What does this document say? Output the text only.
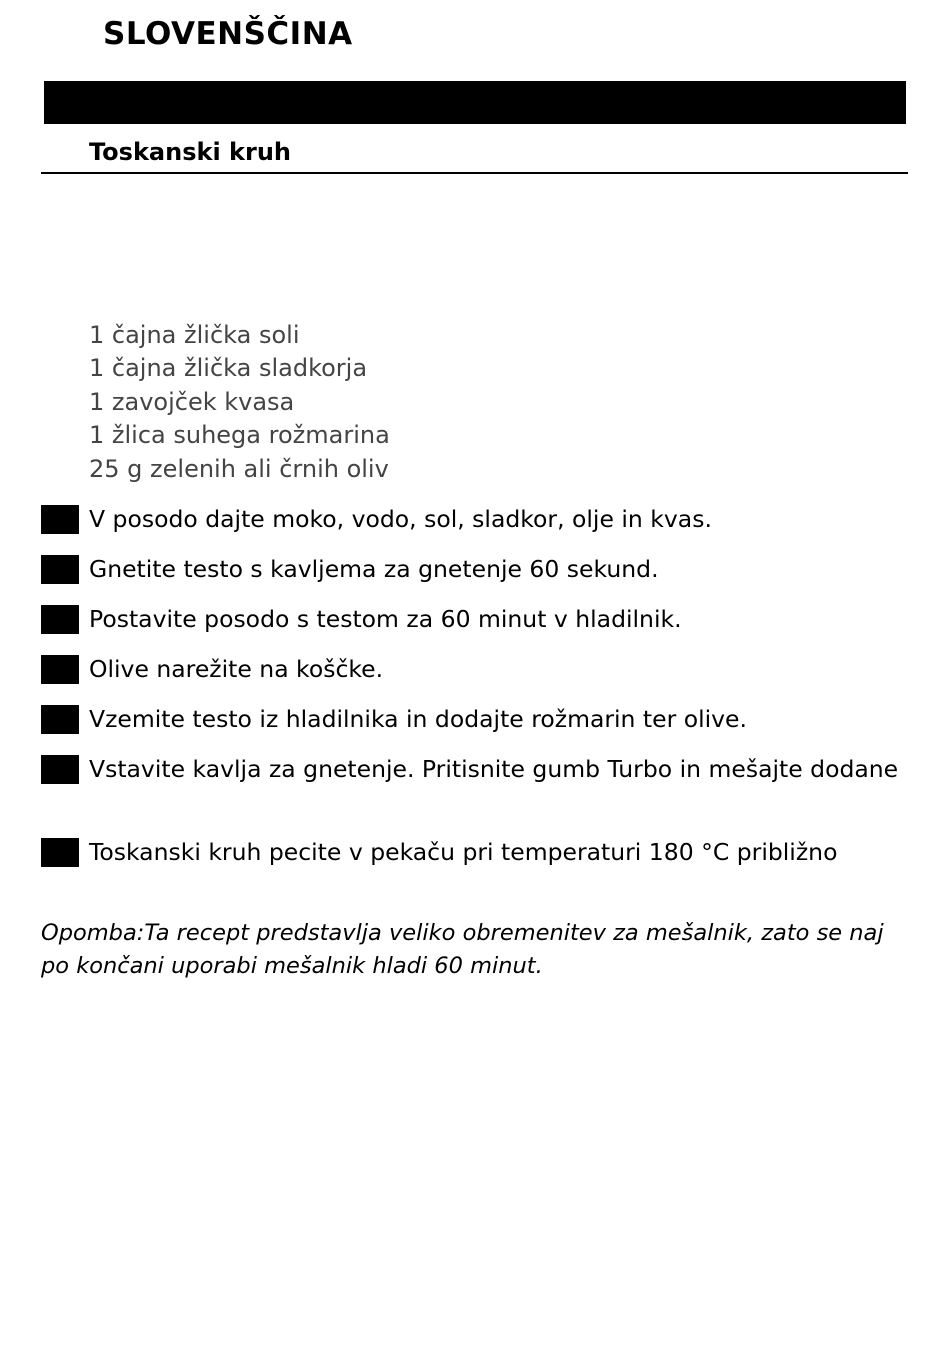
SLOVENŠČINA
Toskanski kruh
1 čajna žlička soli
1 čajna žlička sladkorja
1 zavojček kvasa
1 žlica suhega rožmarina
25 g zelenih ali črnih oliv
V posodo dajte moko, vodo, sol, sladkor, olje in kvas.
Gnetite testo s kavljema za gnetenje 60 sekund.
Postavite posodo s testom za 60 minut v hladilnik.
Olive narežite na koščke.
Vzemite testo iz hladilnika in dodajte rožmarin ter olive.
Vstavite kavlja za gnetenje. Pritisnite gumb Turbo in mešajte dodane
Toskanski kruh pecite v pekaču pri temperaturi 180 °C približno

Opomba:Ta recept predstavlja veliko obremenitev za mešalnik, zato se naj po končani uporabi mešalnik hladi 60 minut.
